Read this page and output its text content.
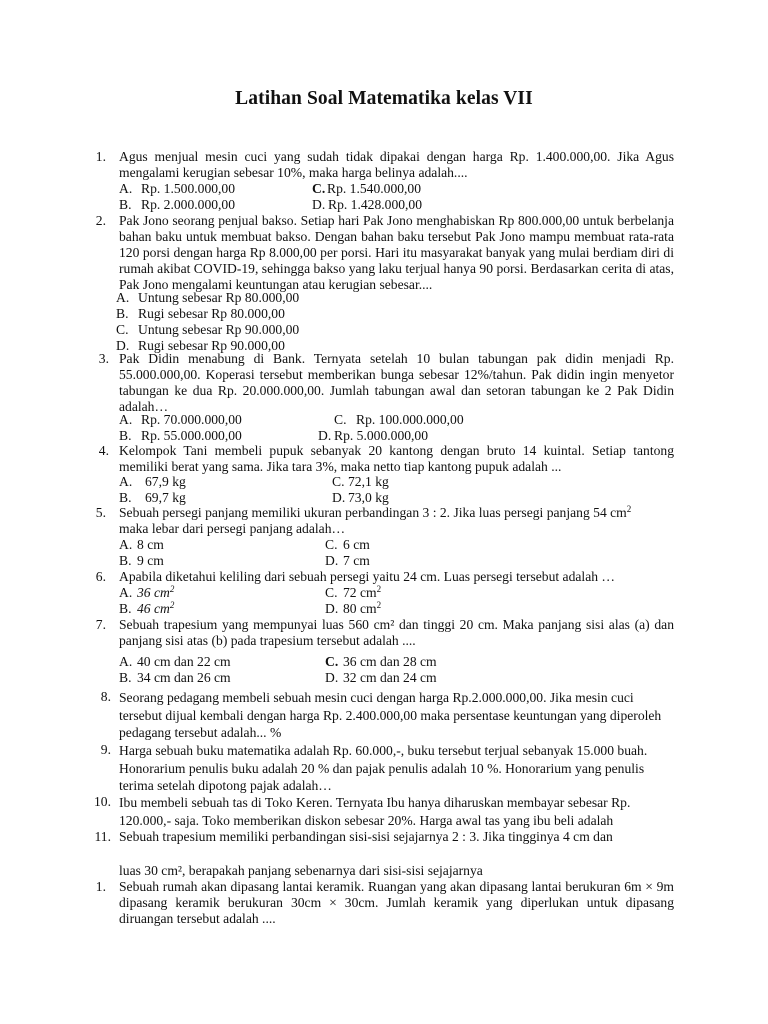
Latihan Soal Matematika kelas VII
1. Agus menjual mesin cuci yang sudah tidak dipakai dengan harga Rp. 1.400.000,00. Jika Agus mengalami kerugian sebesar 10%, maka harga belinya adalah....
A. Rp. 1.500.000,00	C. Rp. 1.540.000,00
B. Rp. 2.000.000,00	D. Rp. 1.428.000,00
2. Pak Jono seorang penjual bakso. Setiap hari Pak Jono menghabiskan Rp 800.000,00 untuk berbelanja bahan baku untuk membuat bakso. Dengan bahan baku tersebut Pak Jono mampu membuat rata-rata 120 porsi dengan harga Rp 8.000,00 per porsi. Hari itu masyarakat banyak yang mulai berdiam diri di rumah akibat COVID-19, sehingga bakso yang laku terjual hanya 90 porsi. Berdasarkan cerita di atas, Pak Jono mengalami keuntungan atau kerugian sebesar....
A. Untung sebesar Rp 80.000,00
B. Rugi sebesar Rp 80.000,00
C. Untung sebesar Rp 90.000,00
D. Rugi sebesar Rp 90.000,00
3. Pak Didin menabung di Bank. Ternyata setelah 10 bulan tabungan pak didin menjadi Rp. 55.000.000,00. Koperasi tersebut memberikan bunga sebesar 12%/tahun. Pak didin ingin menyetor tabungan ke dua Rp. 20.000.000,00. Jumlah tabungan awal dan setoran tabungan ke 2 Pak Didin adalah…
A. Rp. 70.000.000,00	C. Rp. 100.000.000,00
B. Rp. 55.000.000,00	D. Rp. 5.000.000,00
4. Kelompok Tani membeli pupuk sebanyak 20 kantong dengan bruto 14 kuintal. Setiap tantong memiliki berat yang sama. Jika tara 3%, maka netto tiap kantong pupuk adalah ...
A. 67,9 kg	C. 72,1 kg
B. 69,7 kg	D. 73,0 kg
5. Sebuah persegi panjang memiliki ukuran perbandingan 3 : 2. Jika luas persegi panjang 54 $cm^2$
maka lebar dari persegi panjang adalah…
A. 8 cm	C. 6 cm
B. 9 cm	D. 7 cm
6. Apabila diketahui keliling dari sebuah persegi yaitu 24 cm. Luas persegi tersebut adalah …
A. 36 $cm^2$	C. 72 $cm^2$
B. 46 $cm^2$	D. 80 $cm^2$
7. Sebuah trapesium yang mempunyai luas 560 cm² dan tinggi 20 cm. Maka panjang sisi alas (a) dan panjang sisi atas (b) pada trapesium tersebut adalah ....
A. 40 cm dan 22 cm	C. 36 cm dan 28 cm
B. 34 cm dan 26 cm	D. 32 cm dan 24 cm
8. Seorang pedagang membeli sebuah mesin cuci dengan harga Rp.2.000.000,00. Jika mesin cuci tersebut dijual kembali dengan harga Rp. 2.400.000,00 maka persentase keuntungan yang diperoleh pedagang tersebut adalah... %
9. Harga sebuah buku matematika adalah Rp. 60.000,-, buku tersebut terjual sebanyak 15.000 buah. Honorarium penulis buku adalah 20 % dan pajak penulis adalah 10 %. Honorarium yang penulis terima setelah dipotong pajak adalah…
10. Ibu membeli sebuah tas di Toko Keren. Ternyata Ibu hanya diharuskan membayar sebesar Rp. 120.000,- saja. Toko memberikan diskon sebesar 20%. Harga awal tas yang ibu beli adalah
11. Sebuah trapesium memiliki perbandingan sisi-sisi sejajarnya 2 : 3. Jika tingginya 4 cm dan
luas 30 cm², berapakah panjang sebenarnya dari sisi-sisi sejajarnya
1. Sebuah rumah akan dipasang lantai keramik. Ruangan yang akan dipasang lantai berukuran 6m × 9m dipasang keramik berukuran 30cm × 30cm. Jumlah keramik yang diperlukan untuk dipasang diruangan tersebut adalah ....
